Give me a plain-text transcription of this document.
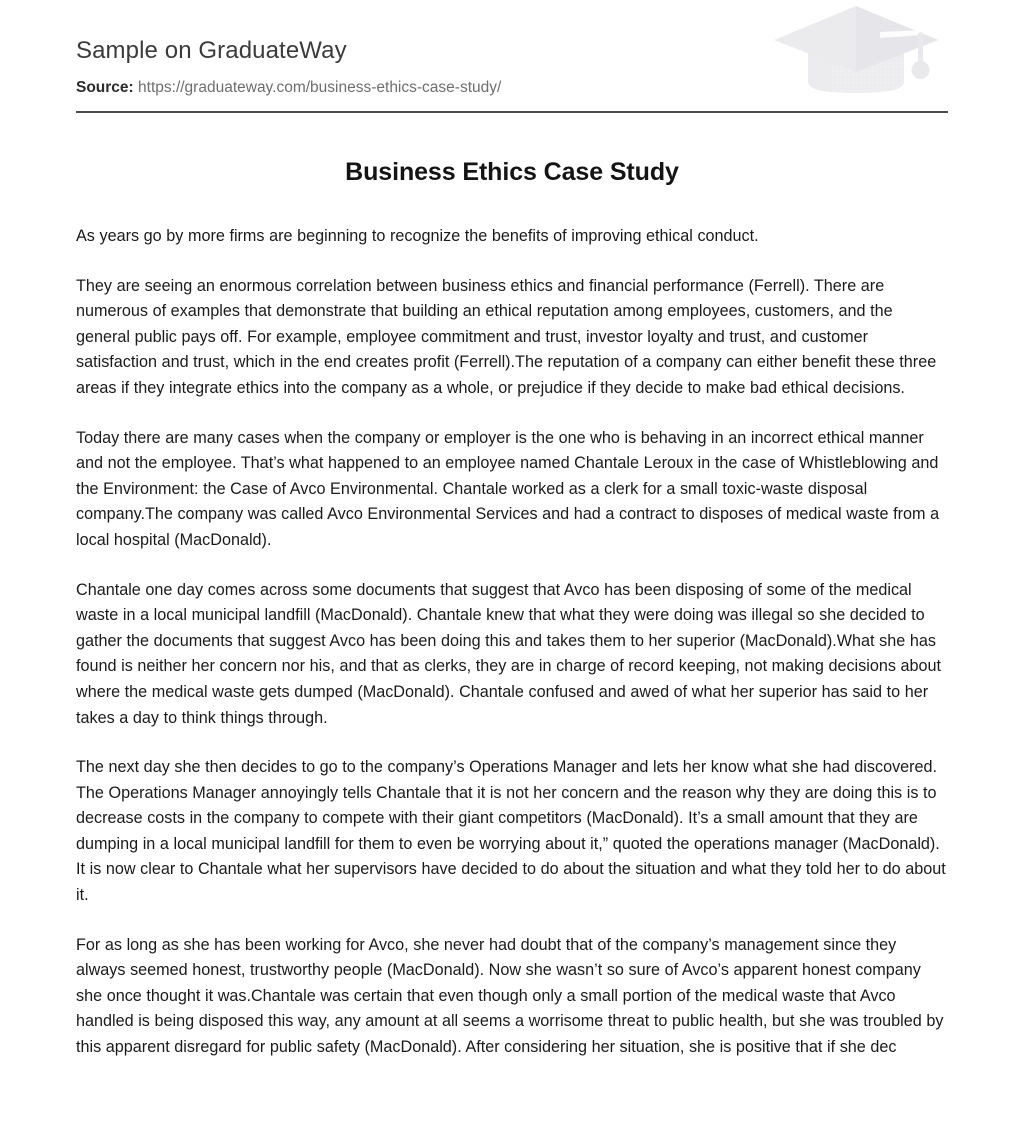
Sample on GraduateWay

Source: https://graduateway.com/business-ethics-case-study/

Business Ethics Case Study

As years go by more firms are beginning to recognize the benefits of improving ethical conduct.

They are seeing an enormous correlation between business ethics and financial performance (Ferrell). There are numerous of examples that demonstrate that building an ethical reputation among employees, customers, and the general public pays off. For example, employee commitment and trust, investor loyalty and trust, and customer satisfaction and trust, which in the end creates profit (Ferrell).The reputation of a company can either benefit these three areas if they integrate ethics into the company as a whole, or prejudice if they decide to make bad ethical decisions.

Today there are many cases when the company or employer is the one who is behaving in an incorrect ethical manner and not the employee. That’s what happened to an employee named Chantale Leroux in the case of Whistleblowing and the Environment: the Case of Avco Environmental. Chantale worked as a clerk for a small toxic-waste disposal company.The company was called Avco Environmental Services and had a contract to disposes of medical waste from a local hospital (MacDonald).

Chantale one day comes across some documents that suggest that Avco has been disposing of some of the medical waste in a local municipal landfill (MacDonald). Chantale knew that what they were doing was illegal so she decided to gather the documents that suggest Avco has been doing this and takes them to her superior (MacDonald).What she has found is neither her concern nor his, and that as clerks, they are in charge of record keeping, not making decisions about where the medical waste gets dumped (MacDonald). Chantale confused and awed of what her superior has said to her takes a day to think things through.

The next day she then decides to go to the company’s Operations Manager and lets her know what she had discovered. The Operations Manager annoyingly tells Chantale that it is not her concern and the reason why they are doing this is to decrease costs in the company to compete with their giant competitors (MacDonald). It’s a small amount that they are dumping in a local municipal landfill for them to even be worrying about it,” quoted the operations manager (MacDonald). It is now clear to Chantale what her supervisors have decided to do about the situation and what they told her to do about it.

For as long as she has been working for Avco, she never had doubt that of the company’s management since they always seemed honest, trustworthy people (MacDonald). Now she wasn’t so sure of Avco’s apparent honest company she once thought it was.Chantale was certain that even though only a small portion of the medical waste that Avco handled is being disposed this way, any amount at all seems a worrisome threat to public health, but she was troubled by this apparent disregard for public safety (MacDonald). After considering her situation, she is positive that if she dec
